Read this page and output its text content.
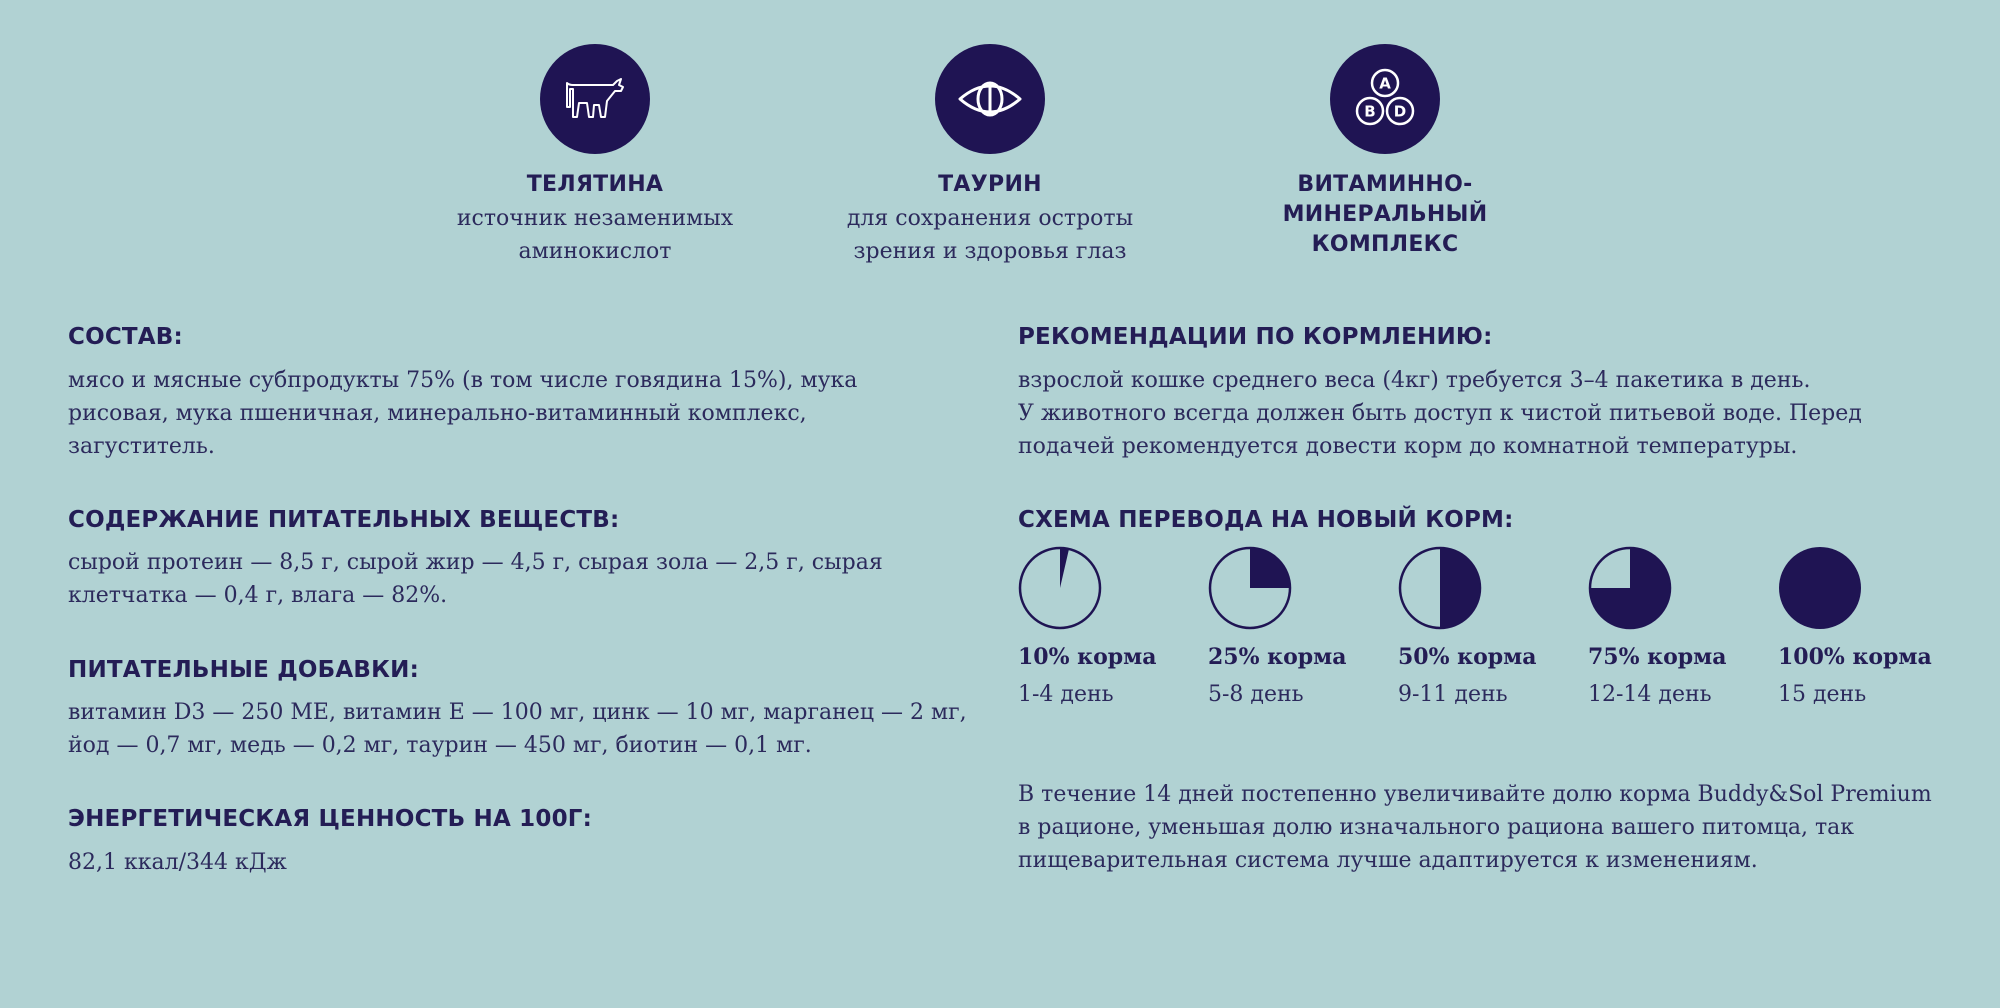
ТЕЛЯТИНА
источник незаменимых
аминокислот
ТАУРИН
для сохранения остроты
зрения и здоровья глаз
A
B D
ВИТАМИННО-
МИНЕРАЛЬНЫЙ
КОМПЛЕКС
СОСТАВ:
мясо и мясные субпродукты 75% (в том числе говядина 15%), мука
рисовая, мука пшеничная, минерально-витаминный комплекс,
загуститель.
СОДЕРЖАНИЕ ПИТАТЕЛЬНЫХ ВЕЩЕСТВ:
сырой протеин — 8,5 г, сырой жир — 4,5 г, сырая зола — 2,5 г, сырая
клетчатка — 0,4 г, влага — 82%.
ПИТАТЕЛЬНЫЕ ДОБАВКИ:
витамин D3 — 250 МЕ, витамин Е — 100 мг, цинк — 10 мг, марганец — 2 мг,
йод — 0,7 мг, медь — 0,2 мг, таурин — 450 мг, биотин — 0,1 мг.
ЭНЕРГЕТИЧЕСКАЯ ЦЕННОСТЬ НА 100Г:
82,1 ккал/344 кДж
РЕКОМЕНДАЦИИ ПО КОРМЛЕНИЮ:
взрослой кошке среднего веса (4кг) требуется 3–4 пакетика в день.
У животного всегда должен быть доступ к чистой питьевой воде. Перед
подачей рекомендуется довести корм до комнатной температуры.
СХЕМА ПЕРЕВОДА НА НОВЫЙ КОРМ:
10% корма
1-4 день
25% корма
5-8 день
50% корма
9-11 день
75% корма
12-14 день
100% корма
15 день
В течение 14 дней постепенно увеличивайте долю корма Buddy&Sol Premium
в рационе, уменьшая долю изначального рациона вашего питомца, так
пищеварительная система лучше адаптируется к изменениям.
